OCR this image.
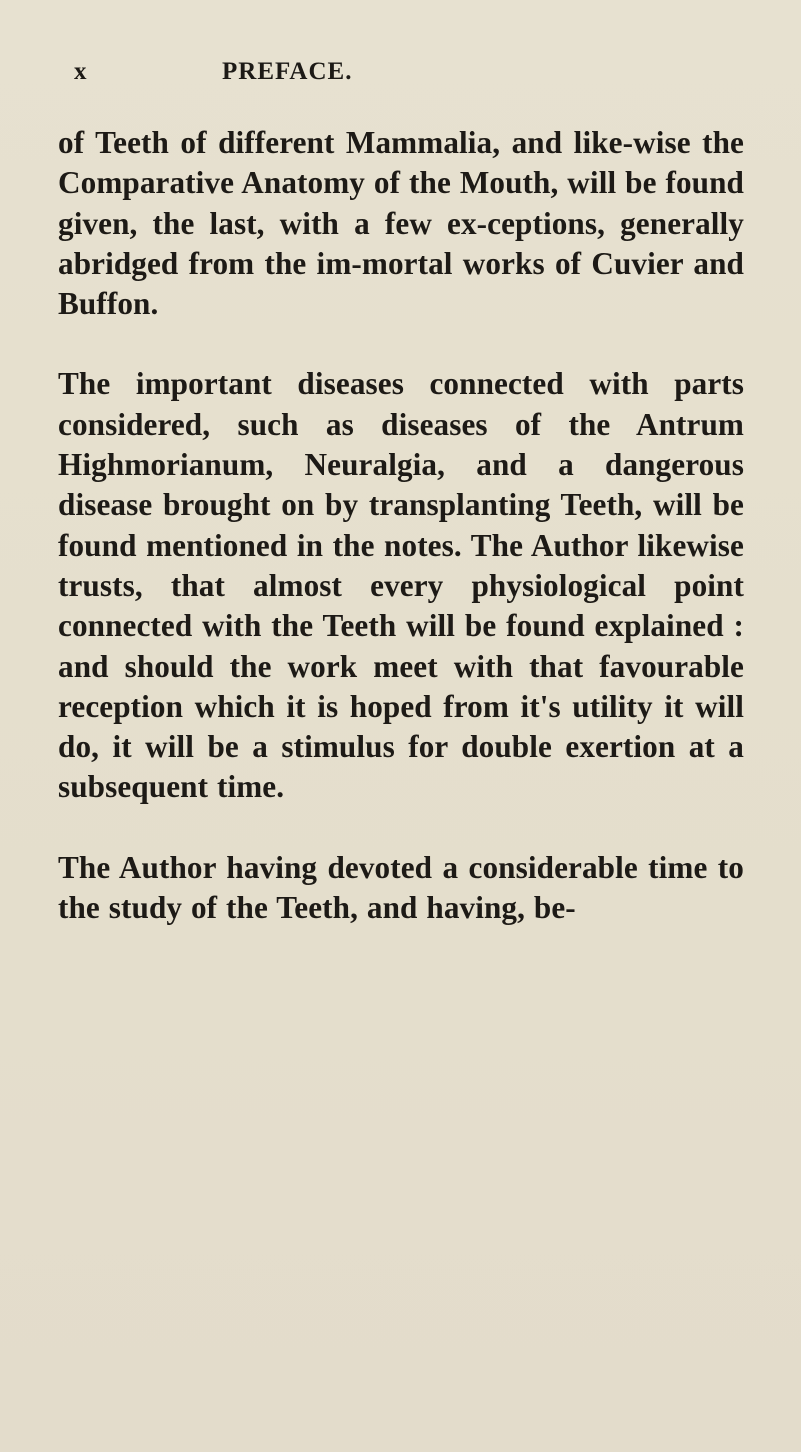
x	PREFACE.

of Teeth of different Mammalia, and like-wise the Comparative Anatomy of the Mouth, will be found given, the last, with a few ex-ceptions, generally abridged from the im-mortal works of Cuvier and Buffon.

The important diseases connected with parts considered, such as diseases of the Antrum Highmorianum, Neuralgia, and a dangerous disease brought on by transplanting Teeth, will be found mentioned in the notes. The Author likewise trusts, that almost every physiological point connected with the Teeth will be found explained : and should the work meet with that favourable reception which it is hoped from it's utility it will do, it will be a stimulus for double exertion at a subsequent time.

The Author having devoted a considerable time to the study of the Teeth, and having, be-
